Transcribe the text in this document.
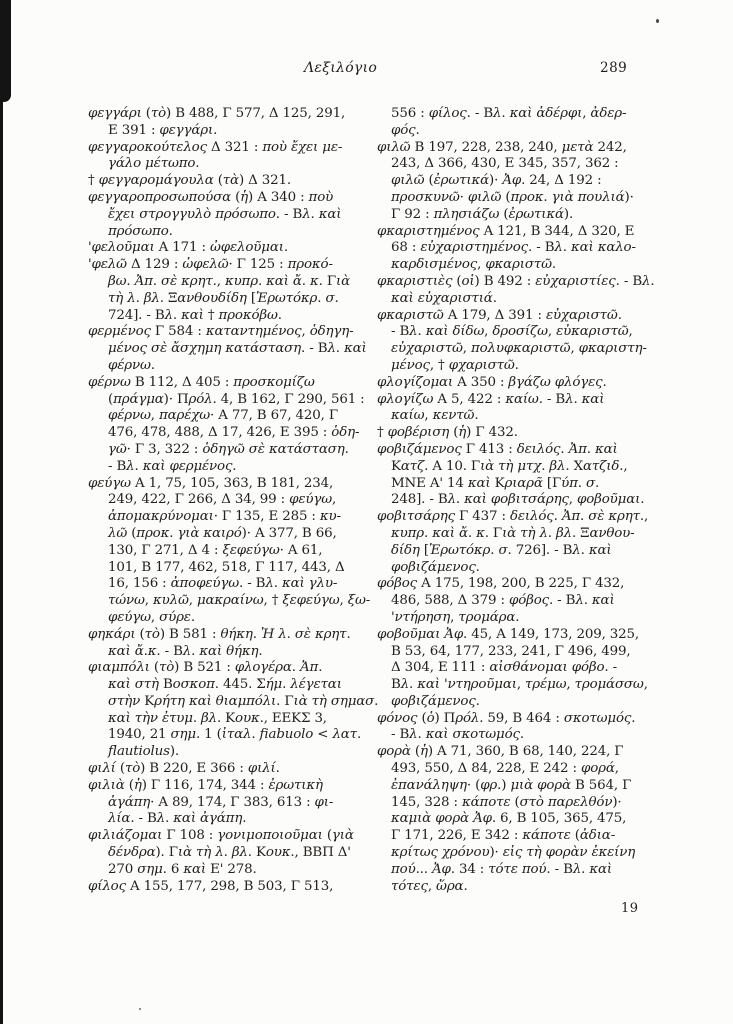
Λεξιλόγιο	289
φεγγάρι (τὸ) Β 488, Γ 577, Δ 125, 291,
Ε 391 : φεγγάρι.
φεγγαροκούτελος Δ 321 : ποὺ ἔχει με-
γάλο μέτωπο.
† φεγγαρομάγουλα (τὰ) Δ 321.
φεγγαροπροσωπούσα (ἡ) Α 340 : ποὺ
ἔχει στρογγυλὸ πρόσωπο. - Βλ. καὶ
πρόσωπο.
'φελοῦμαι Α 171 : ὠφελοῦμαι.
'φελῶ Δ 129 : ὠφελῶ· Γ 125 : προκό-
βω. Ἀπ. σὲ κρητ., κυπρ. καὶ ἄ. κ. Γιὰ
τὴ λ. βλ. Ξανθουδίδη [Ἐρωτόκρ. σ.
724]. - Βλ. καὶ † προκόβω.
φερμένος Γ 584 : καταντημένος, ὁδηγη-
μένος σὲ ἄσχημη κατάσταση. - Βλ. καὶ
φέρνω.
φέρνω Β 112, Δ 405 : προσκομίζω
(πράγμα)· Πρόλ. 4, Β 162, Γ 290, 561 :
φέρνω, παρέχω· Α 77, Β 67, 420, Γ
476, 478, 488, Δ 17, 426, Ε 395 : ὁδη-
γῶ· Γ 3, 322 : ὁδηγῶ σὲ κατάσταση.
- Βλ. καὶ φερμένος.
φεύγω Α 1, 75, 105, 363, Β 181, 234,
249, 422, Γ 266, Δ 34, 99 : φεύγω,
ἀπομακρύνομαι· Γ 135, Ε 285 : κυ-
λῶ (προκ. γιὰ καιρό)· Α 377, Β 66,
130, Γ 271, Δ 4 : ξεφεύγω· Α 61,
101, Β 177, 462, 518, Γ 117, 443, Δ
16, 156 : ἀποφεύγω. - Βλ. καὶ γλυ-
τώνω, κυλῶ, μακραίνω, † ξεφεύγω, ξω-
φεύγω, σύρε.
φηκάρι (τὸ) Β 581 : θήκη. Ἡ λ. σὲ κρητ.
καὶ ἄ.κ. - Βλ. καὶ θήκη.
φιαμπόλι (τὸ) Β 521 : φλογέρα. Ἀπ.
καὶ στὴ Βοσκοπ. 445. Σήμ. λέγεται
στὴν Κρήτη καὶ θιαμπόλι. Γιὰ τὴ σημασ.
καὶ τὴν ἐτυμ. βλ. Κουκ., ΕΕΚΣ 3,
1940, 21 σημ. 1 (ἰταλ. fiabuolo < λατ.
flautiolus).
φιλί (τὸ) Β 220, Ε 366 : φιλί.
φιλιὰ (ἡ) Γ 116, 174, 344 : ἐρωτικὴ
ἀγάπη· Α 89, 174, Γ 383, 613 : φι-
λία. - Βλ. καὶ ἀγάπη.
φιλιάζομαι Γ 108 : γονιμοποιοῦμαι (γιὰ
δένδρα). Γιὰ τὴ λ. βλ. Κουκ., ΒΒΠ Δ'
270 σημ. 6 καὶ Ε' 278.
φίλος Α 155, 177, 298, Β 503, Γ 513,
556 : φίλος. - Βλ. καὶ ἀδέρφι, ἀδερ-
φός.
φιλῶ Β 197, 228, 238, 240, μετὰ 242,
243, Δ 366, 430, Ε 345, 357, 362 :
φιλῶ (ἐρωτικά)· Ἀφ. 24, Δ 192 :
προσκυνῶ· φιλῶ (προκ. γιὰ πουλιά)·
Γ 92 : πλησιάζω (ἐρωτικά).
φκαριστημένος Α 121, Β 344, Δ 320, Ε
68 : εὐχαριστημένος. - Βλ. καὶ καλο-
καρδισμένος, φκαριστῶ.
φκαριστιὲς (οἱ) Β 492 : εὐχαριστίες. - Βλ.
καὶ εὐχαριστιά.
φκαριστῶ Α 179, Δ 391 : εὐχαριστῶ.
- Βλ. καὶ δίδω, δροσίζω, εὐκαριστῶ,
εὐχαριστῶ, πολυφκαριστῶ, φκαριστη-
μένος, † φχαριστῶ.
φλογίζομαι Α 350 : βγάζω φλόγες.
φλογίζω Α 5, 422 : καίω. - Βλ. καὶ
καίω, κεντῶ.
† φοβέριση (ἡ) Γ 432.
φοβιζάμενος Γ 413 : δειλός. Ἀπ. καὶ
Κατζ. Α 10. Γιὰ τὴ μτχ. βλ. Χατζιδ.,
ΜΝΕ Α' 14 καὶ Κριαρᾶ [Γύπ. σ.
248]. - Βλ. καὶ φοβιτσάρης, φοβοῦμαι.
φοβιτσάρης Γ 437 : δειλός. Ἀπ. σὲ κρητ.,
κυπρ. καὶ ἄ. κ. Γιὰ τὴ λ. βλ. Ξανθου-
δίδη [Ἐρωτόκρ. σ. 726]. - Βλ. καὶ
φοβιζάμενος.
φόβος Α 175, 198, 200, Β 225, Γ 432,
486, 588, Δ 379 : φόβος. - Βλ. καὶ
'ντήρηση, τρομάρα.
φοβοῦμαι Ἀφ. 45, Α 149, 173, 209, 325,
Β 53, 64, 177, 233, 241, Γ 496, 499,
Δ 304, Ε 111 : αἰσθάνομαι φόβο. -
Βλ. καὶ 'ντηροῦμαι, τρέμω, τρομάσσω,
φοβιζάμενος.
φόνος (ὁ) Πρόλ. 59, Β 464 : σκοτωμός.
- Βλ. καὶ σκοτωμός.
φορὰ (ἡ) Α 71, 360, Β 68, 140, 224, Γ
493, 550, Δ 84, 228, Ε 242 : φορά,
ἐπανάληψη· (φρ.) μιὰ φορὰ Β 564, Γ
145, 328 : κάποτε (στὸ παρελθόν)·
καμιὰ φορὰ Ἀφ. 6, Β 105, 365, 475,
Γ 171, 226, Ε 342 : κάποτε (ἀδια-
κρίτως χρόνου)· εἰς τὴ φορὰν ἐκείνη
πού... Ἀφ. 34 : τότε πού. - Βλ. καὶ
τότες, ὥρα.
19
